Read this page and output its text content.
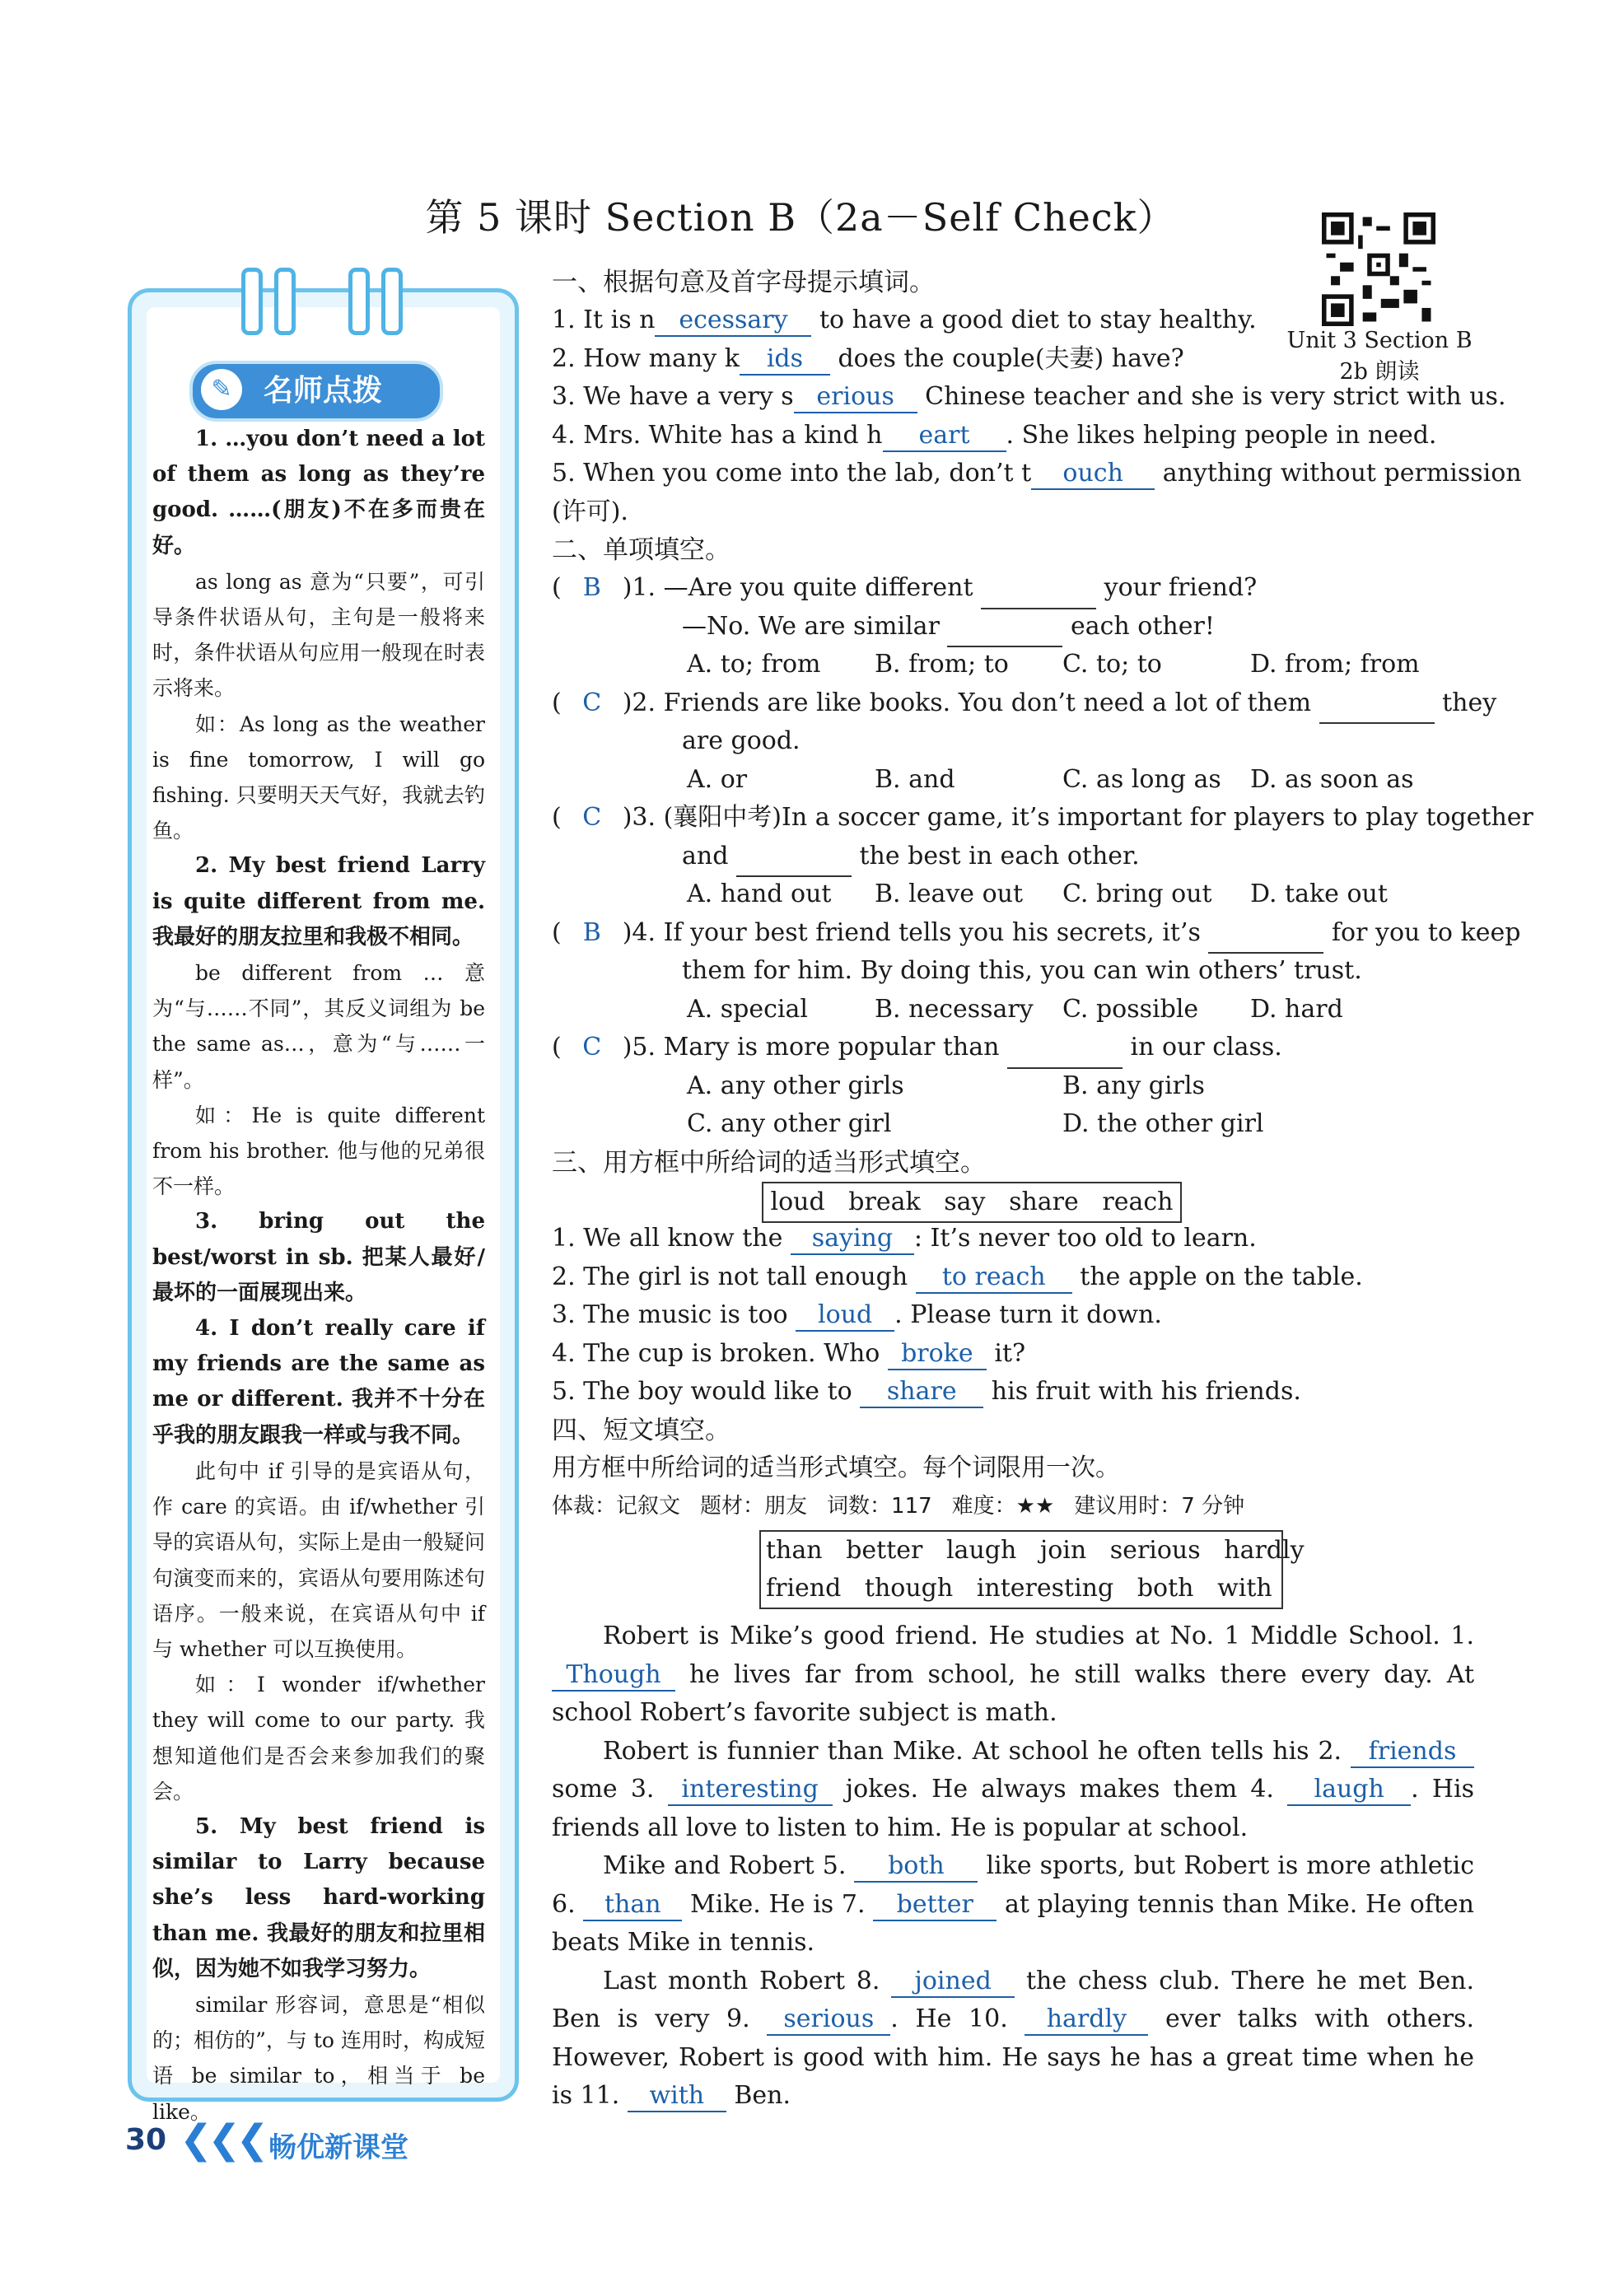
第 5 课时 Section B（2a－Self Check）
Unit 3 Section B
2b 朗读
✎	名师点拨

1. …you don’t need a lot of them as long as they’re good. ……(朋友)不在多而贵在好。

as long as 意为“只要”，可引导条件状语从句，主句是一般将来时，条件状语从句应用一般现在时表示将来。

如：As long as the weather is fine tomorrow, I will go fishing. 只要明天天气好，我就去钓鱼。

2. My best friend Larry is quite different from me. 我最好的朋友拉里和我极不相同。

be different from … 意为“与……不同”，其反义词组为 be the same as…，意为“与……一样”。

如：He is quite different from his brother. 他与他的兄弟很不一样。

3. bring out the best/worst in sb. 把某人最好/最坏的一面展现出来。

4. I don’t really care if my friends are the same as me or different. 我并不十分在乎我的朋友跟我一样或与我不同。

此句中 if 引导的是宾语从句，作 care 的宾语。由 if/whether 引导的宾语从句，实际上是由一般疑问句演变而来的，宾语从句要用陈述句语序。一般来说，在宾语从句中 if 与 whether 可以互换使用。

如：I wonder if/whether they will come to our party. 我想知道他们是否会来参加我们的聚会。

5. My best friend is similar to Larry because she’s less hard-working than me. 我最好的朋友和拉里相似，因为她不如我学习努力。

similar 形容词，意思是“相似的；相仿的”，与 to 连用时，构成短语 be similar to，相当于 be like。

一、根据句意及首字母提示填词。
1. It is n ecessary to have a good diet to stay healthy.
2. How many k ids does the couple(夫妻) have?
3. We have a very s erious Chinese teacher and she is very strict with us.
4. Mrs. White has a kind h eart . She likes helping people in need.
5. When you come into the lab, don’t t ouch anything without permission
(许可).
二、单项填空。
( B )1. —Are you quite different	your friend?
—No. We are similar	each other!
A. to; from B. from; to C. to; to	D. from; from
( C )2. Friends are like books. You don’t need a lot of them	they
are good.
A. or	B. and	C. as long as D. as soon as
( C )3. (襄阳中考)In a soccer game, it’s important for players to play together
and	the best in each other.
A. hand out B. leave out C. bring out D. take out
( B )4. If your best friend tells you his secrets, it’s	for you to keep
them for him. By doing this, you can win others’ trust.
A. special	B. necessary C. possible D. hard
( C )5. Mary is more popular than	in our class.
A. any other girls	B. any girls
C. any other girl	D. the other girl
三、用方框中所给词的适当形式填空。
loud   break   say   share   reach
1. We all know the saying : It’s never too old to learn.
2. The girl is not tall enough to reach the apple on the table.
3. The music is too loud . Please turn it down.
4. The cup is broken. Who broke it?
5. The boy would like to share his fruit with his friends.
四、短文填空。
用方框中所给词的适当形式填空。每个词限用一次。
体裁：记叙文 题材：朋友 词数：117 难度：★★ 建议用时：7 分钟
than   better   laugh   join   serious   hardly
friend   though   interesting   both   with
Robert is Mike’s good friend. He studies at No. 1 Middle School. 1. Though he lives far from school, he still walks there every day. At school Robert’s favorite subject is math.
Robert is funnier than Mike. At school he often tells his 2. friends some 3. interesting jokes. He always makes them 4. laugh . His friends all love to listen to him. He is popular at school.
Mike and Robert 5. both like sports, but Robert is more athletic 6. than Mike. He is 7. better at playing tennis than Mike. He often beats Mike in tennis.
Last month Robert 8. joined the chess club. There he met Ben. Ben is very 9. serious . He 10. hardly ever talks with others. However, Robert is good with him. He says he has a great time when he is 11. with Ben.
30 ❮❮❮ 畅优新课堂
